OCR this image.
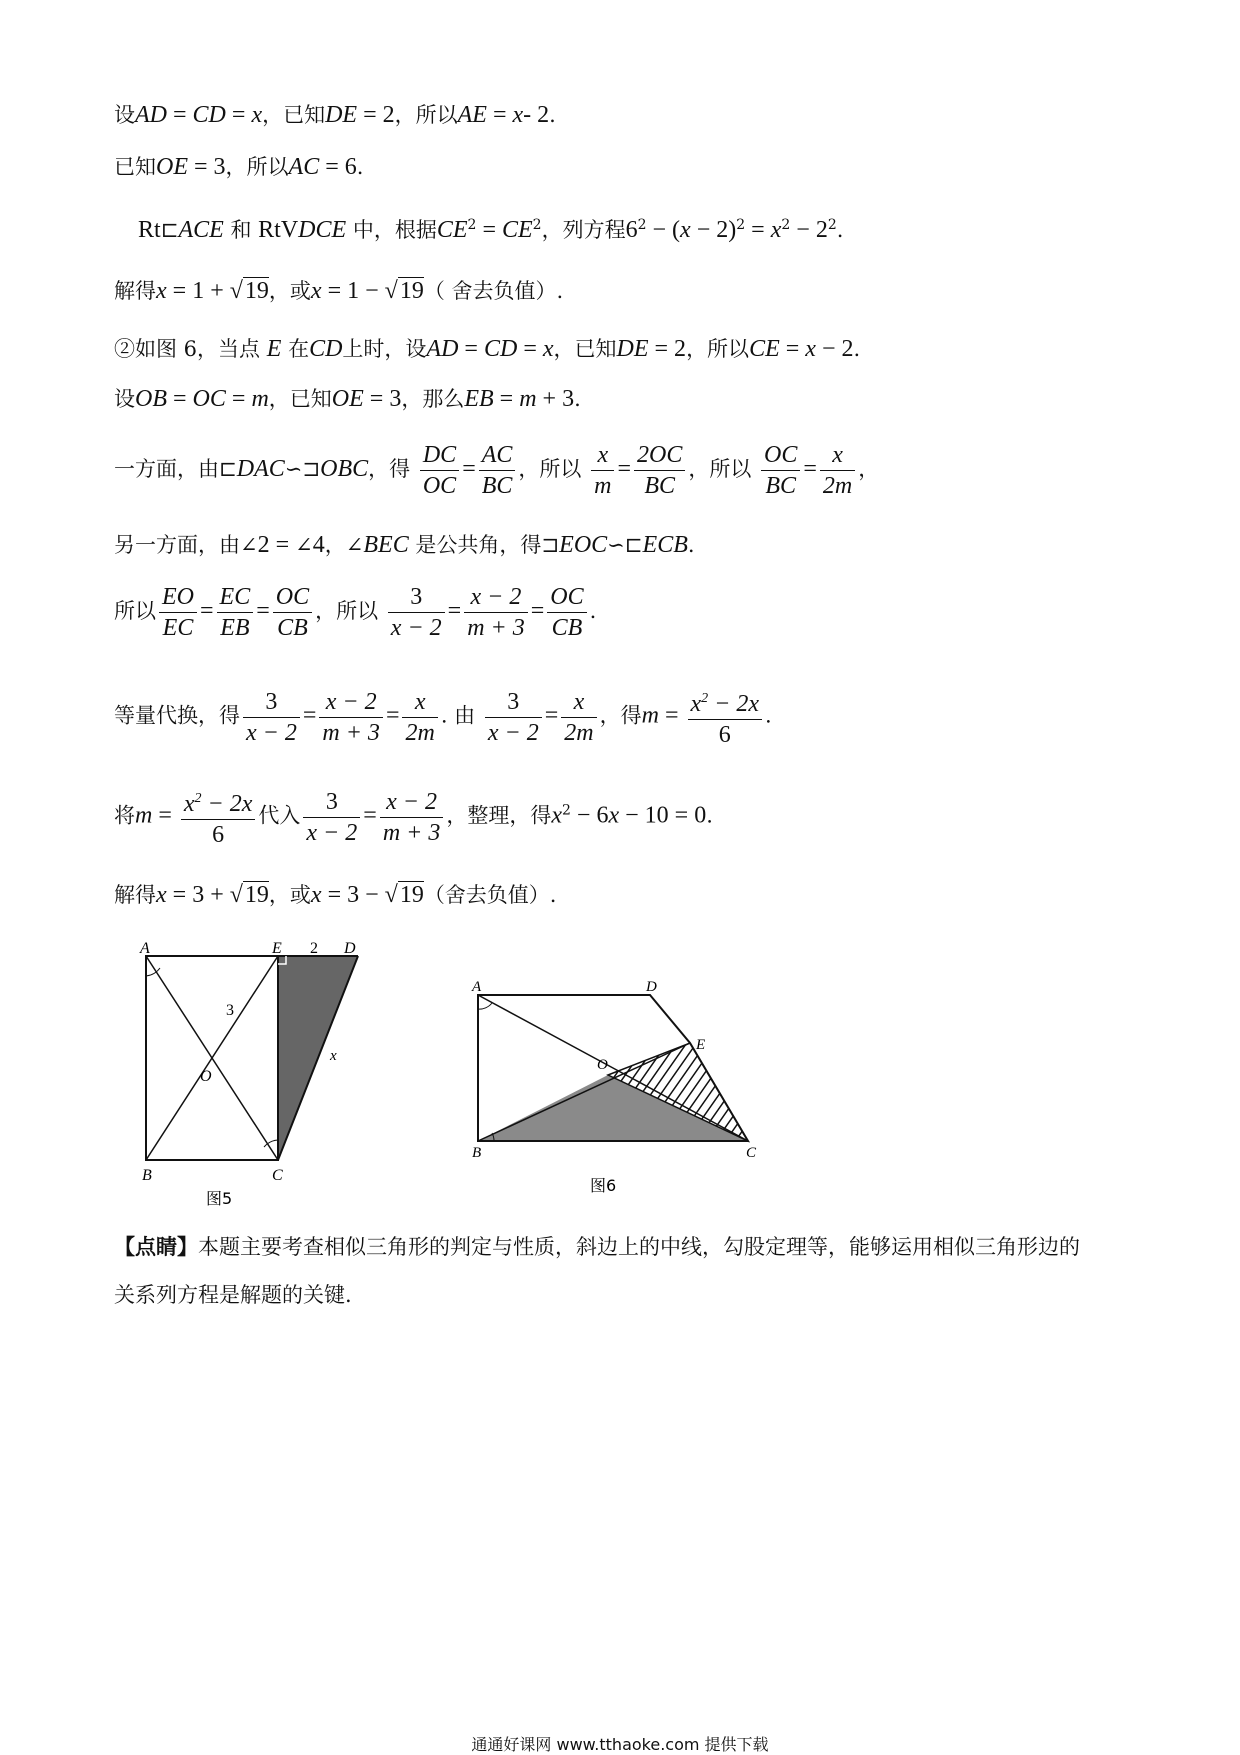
设AD = CD = x，已知DE = 2，所以AE = x- 2.
已知OE = 3，所以AC = 6.
Rt⊏ACE 和 RtVDCE 中，根据$CE^2 = CE^2$，列方程$6^2 - (x - 2)^2 = x^2 - 2^2$.
解得x = 1 + √19，或x = 1 − √19（ 舍去负值）.
②如图 6，当点 E 在CD上时，设AD = CD = x，已知DE = 2，所以CE = x − 2.
设OB = OC = m，已知OE = 3，那么EB = m + 3.
一方面，由⊏DAC∽⊐OBC，得 $\frac{DC}{OC} = \frac{AC}{BC}$ ，所以 $\frac{x}{m} = \frac{2OC}{BC}$ ，所以 $\frac{OC}{BC} = \frac{x}{2m}$ ，
另一方面，由∠2 = ∠4，∠BEC 是公共角，得⊐EOC∽⊏ECB.
所以 $\frac{EO}{EC} = \frac{EC}{EB} = \frac{OC}{CB}$ ，所以 $\frac{3}{x - 2} = \frac{x - 2}{m + 3} = \frac{OC}{CB}$ .
等量代换，得 $\frac{3}{x - 2} = \frac{x - 2}{m + 3} = \frac{x}{2m}$ . 由 $\frac{3}{x - 2} = \frac{x}{2m}$ ，得$m = \frac{x^2 - 2x}{6}$ .
将$m = \frac{x^2 - 2x}{6}$ 代入 $\frac{3}{x - 2} = \frac{x - 2}{m + 3}$ ，整理，得$x^2 - 6x - 10 = 0$.
解得x = 3 + √19，或x = 3 − √19（舍去负值）.
A	E 2 D
3
x
O
B	C
图5
A	D
E
O
B	C
图6
【点睛】本题主要考查相似三角形的判定与性质，斜边上的中线，勾股定理等，能够运用相似三角形边的
关系列方程是解题的关键.
通通好课网 www.tthaoke.com 提供下载
